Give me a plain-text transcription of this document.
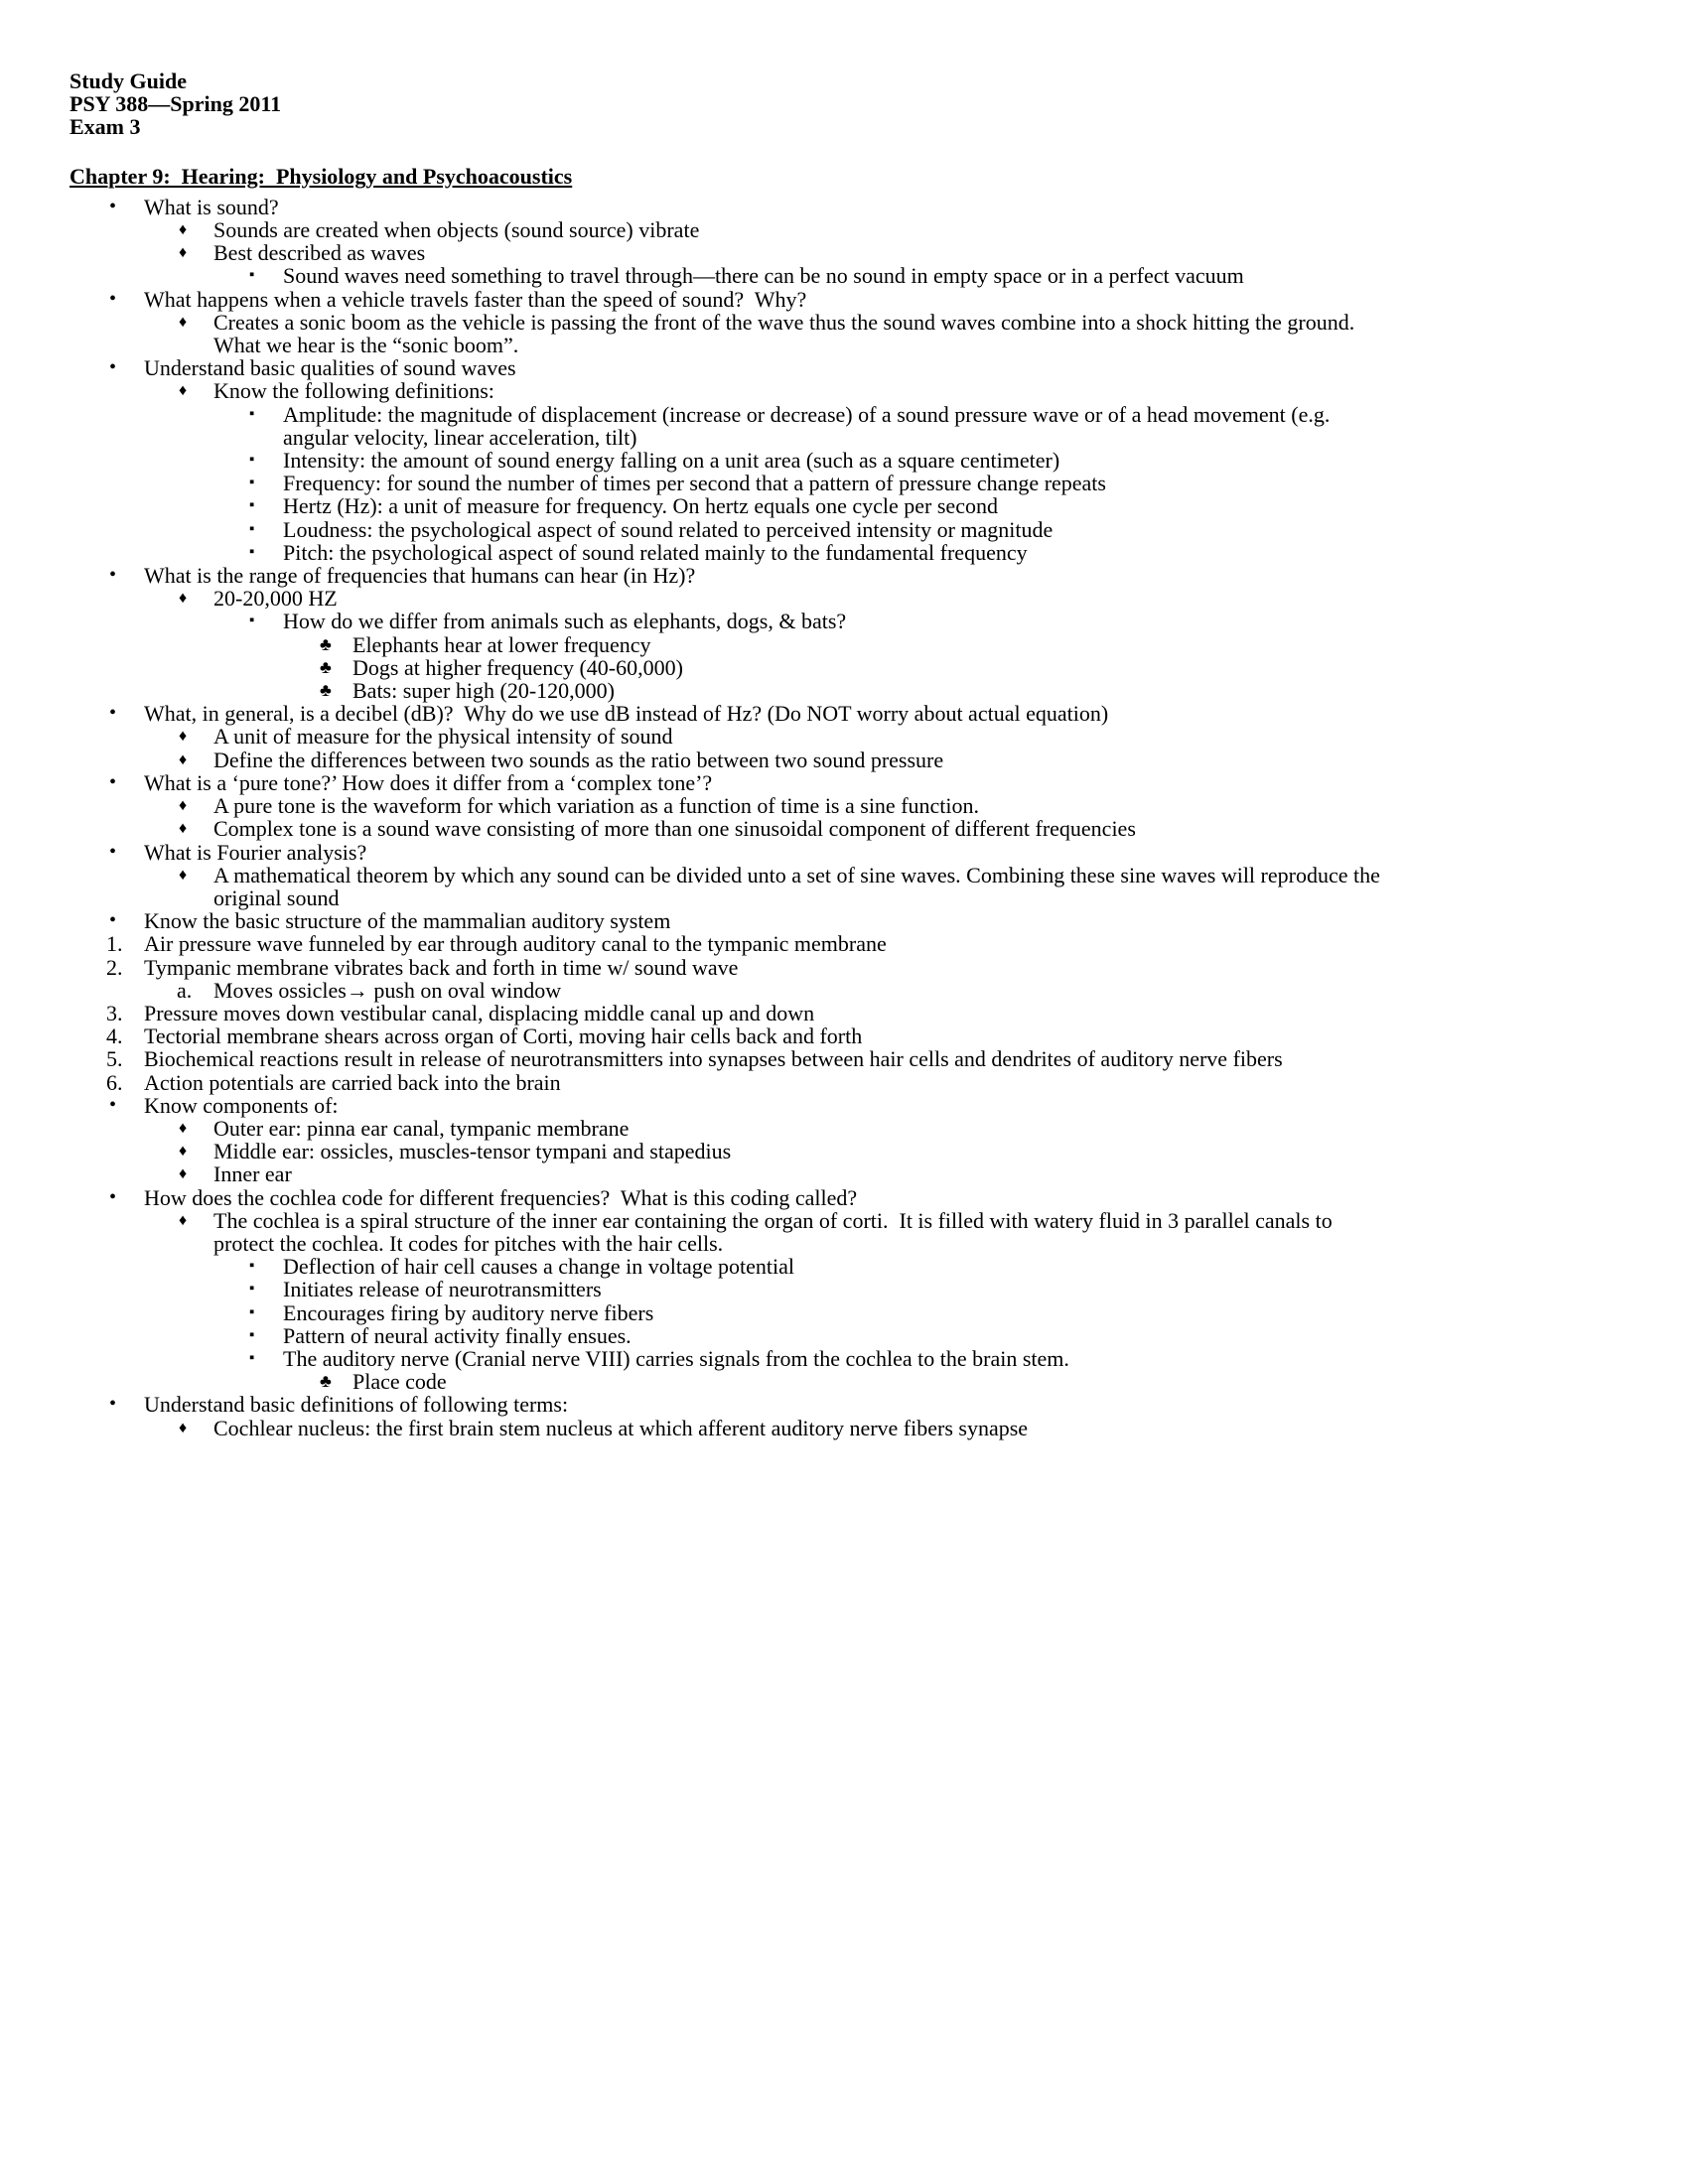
Study Guide
PSY 388—Spring 2011
Exam 3
Chapter 9:  Hearing:  Physiology and Psychoacoustics
• What is sound?
♦ Sounds are created when objects (sound source) vibrate
♦ Best described as waves
▪ Sound waves need something to travel through—there can be no sound in empty space or in a perfect vacuum
• What happens when a vehicle travels faster than the speed of sound?  Why?
♦ Creates a sonic boom as the vehicle is passing the front of the wave thus the sound waves combine into a shock hitting the ground. What we hear is the “sonic boom”.
• Understand basic qualities of sound waves
♦ Know the following definitions:
▪ Amplitude: the magnitude of displacement (increase or decrease) of a sound pressure wave or of a head movement (e.g. angular velocity, linear acceleration, tilt)
▪ Intensity: the amount of sound energy falling on a unit area (such as a square centimeter)
▪ Frequency: for sound the number of times per second that a pattern of pressure change repeats
▪ Hertz (Hz): a unit of measure for frequency. On hertz equals one cycle per second
▪ Loudness: the psychological aspect of sound related to perceived intensity or magnitude
▪ Pitch: the psychological aspect of sound related mainly to the fundamental frequency
• What is the range of frequencies that humans can hear (in Hz)?
♦ 20-20,000 HZ
▪ How do we differ from animals such as elephants, dogs, & bats?
♣ Elephants hear at lower frequency
♣ Dogs at higher frequency (40-60,000)
♣ Bats: super high (20-120,000)
• What, in general, is a decibel (dB)?  Why do we use dB instead of Hz? (Do NOT worry about actual equation)
♦ A unit of measure for the physical intensity of sound
♦ Define the differences between two sounds as the ratio between two sound pressure
• What is a ‘pure tone?’ How does it differ from a ‘complex tone’?
♦ A pure tone is the waveform for which variation as a function of time is a sine function.
♦ Complex tone is a sound wave consisting of more than one sinusoidal component of different frequencies
• What is Fourier analysis?
♦ A mathematical theorem by which any sound can be divided unto a set of sine waves. Combining these sine waves will reproduce the original sound
• Know the basic structure of the mammalian auditory system
1. Air pressure wave funneled by ear through auditory canal to the tympanic membrane
2. Tympanic membrane vibrates back and forth in time w/ sound wave
a. Moves ossicles→ push on oval window
3. Pressure moves down vestibular canal, displacing middle canal up and down
4. Tectorial membrane shears across organ of Corti, moving hair cells back and forth
5. Biochemical reactions result in release of neurotransmitters into synapses between hair cells and dendrites of auditory nerve fibers
6. Action potentials are carried back into the brain
• Know components of:
♦ Outer ear: pinna ear canal, tympanic membrane
♦ Middle ear: ossicles, muscles-tensor tympani and stapedius
♦ Inner ear
• How does the cochlea code for different frequencies?  What is this coding called?
♦ The cochlea is a spiral structure of the inner ear containing the organ of corti.  It is filled with watery fluid in 3 parallel canals to protect the cochlea. It codes for pitches with the hair cells.
▪ Deflection of hair cell causes a change in voltage potential
▪ Initiates release of neurotransmitters
▪ Encourages firing by auditory nerve fibers
▪ Pattern of neural activity finally ensues.
▪ The auditory nerve (Cranial nerve VIII) carries signals from the cochlea to the brain stem.
♣ Place code
• Understand basic definitions of following terms:
♦ Cochlear nucleus: the first brain stem nucleus at which afferent auditory nerve fibers synapse
